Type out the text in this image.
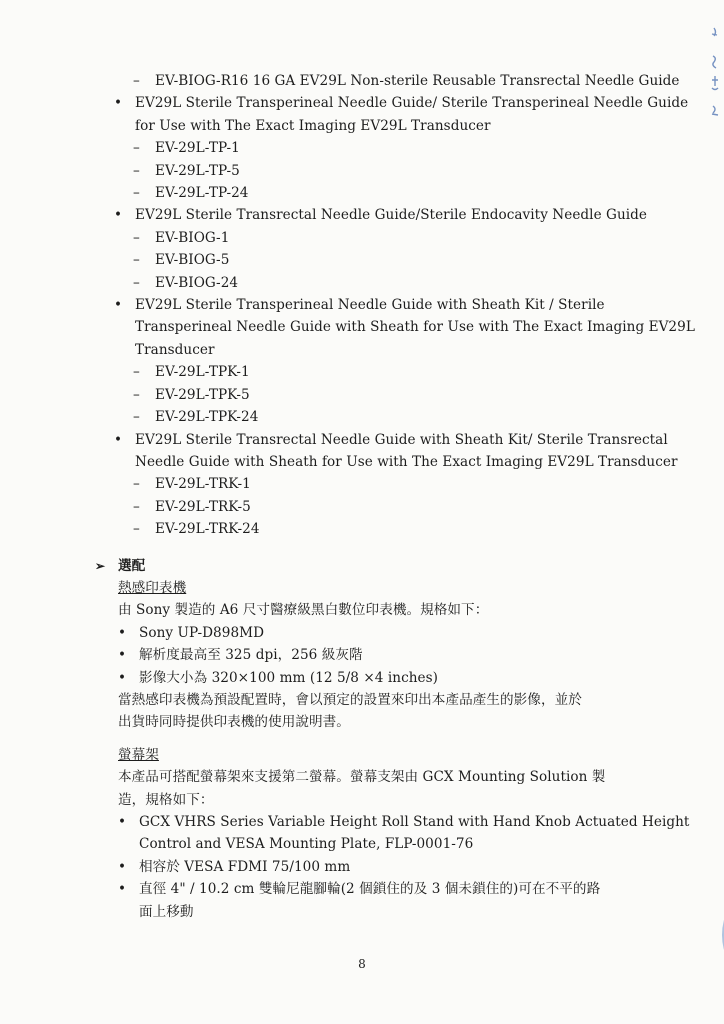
– EV-BIOG-R16 16 GA EV29L Non-sterile Reusable Transrectal Needle Guide
• EV29L Sterile Transperineal Needle Guide/ Sterile Transperineal Needle Guide
for Use with The Exact Imaging EV29L Transducer
– EV-29L-TP-1
– EV-29L-TP-5
– EV-29L-TP-24
• EV29L Sterile Transrectal Needle Guide/Sterile Endocavity Needle Guide
– EV-BIOG-1
– EV-BIOG-5
– EV-BIOG-24
• EV29L Sterile Transperineal Needle Guide with Sheath Kit / Sterile
Transperineal Needle Guide with Sheath for Use with The Exact Imaging EV29L
Transducer
– EV-29L-TPK-1
– EV-29L-TPK-5
– EV-29L-TPK-24
• EV29L Sterile Transrectal Needle Guide with Sheath Kit/ Sterile Transrectal
Needle Guide with Sheath for Use with The Exact Imaging EV29L Transducer
– EV-29L-TRK-1
– EV-29L-TRK-5
– EV-29L-TRK-24
➢ 選配
熱感印表機
由 Sony 製造的 A6 尺寸醫療級黑白數位印表機。規格如下：
• Sony UP-D898MD
• 解析度最高至 325 dpi，256 級灰階
• 影像大小為 320×100 mm (12 5/8 ×4 inches)
當熱感印表機為預設配置時，會以預定的設置來印出本產品產生的影像，並於
出貨時同時提供印表機的使用說明書。
螢幕架
本產品可搭配螢幕架來支援第二螢幕。螢幕支架由 GCX Mounting Solution 製
造，規格如下：
• GCX VHRS Series Variable Height Roll Stand with Hand Knob Actuated Height
Control and VESA Mounting Plate, FLP-0001-76
• 相容於 VESA FDMI 75/100 mm
• 直徑 4" / 10.2 cm 雙輪尼龍腳輪(2 個鎖住的及 3 個未鎖住的)可在不平的路
面上移動
8
